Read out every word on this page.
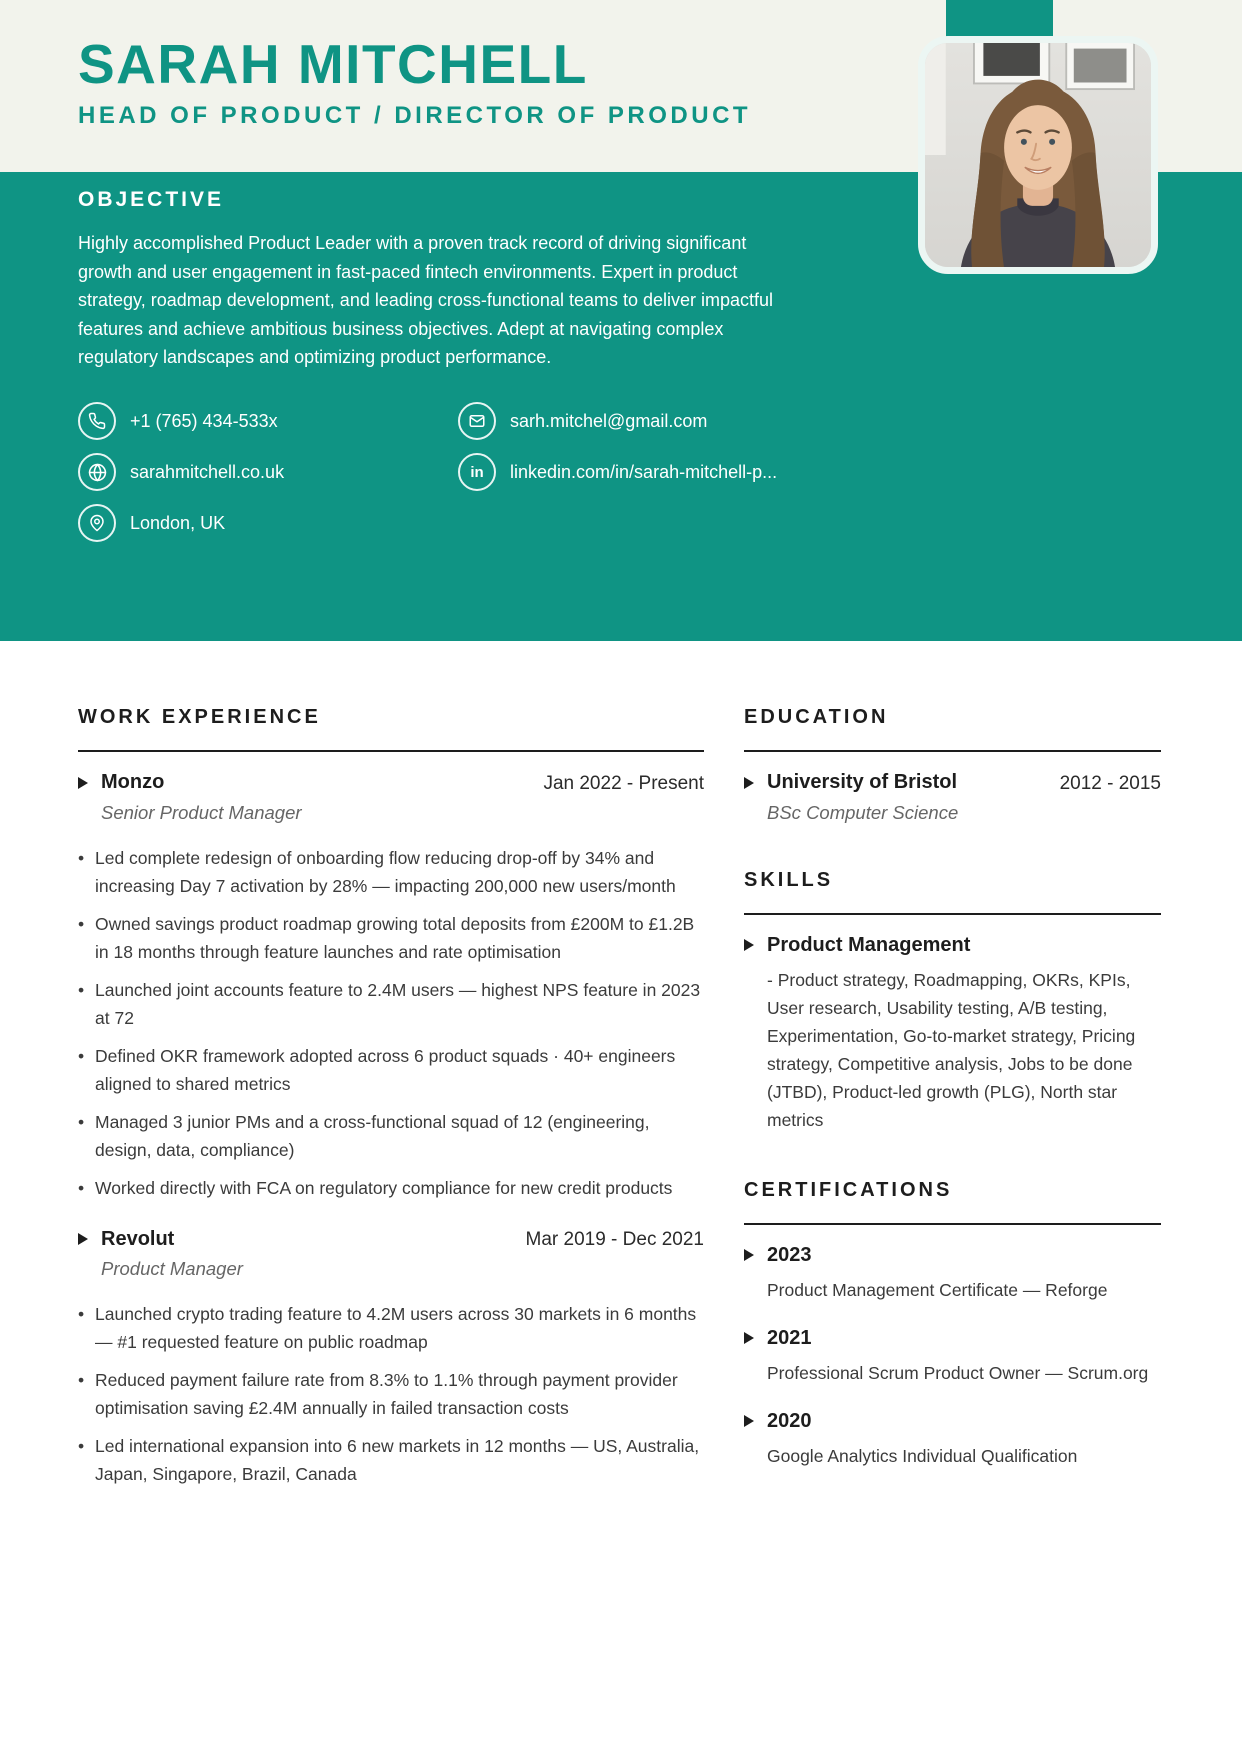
SARAH MITCHELL
HEAD OF PRODUCT / DIRECTOR OF PRODUCT
OBJECTIVE

Highly accomplished Product Leader with a proven track record of driving significant growth and user engagement in fast-paced fintech environments. Expert in product strategy, roadmap development, and leading cross-functional teams to deliver impactful features and achieve ambitious business objectives. Adept at navigating complex regulatory landscapes and optimizing product performance.

+1 (765) 434-533x	sarh.mitchel@gmail.com
sarahmitchell.co.uk	in linkedin.com/in/sarah-mitchell-p...
London, UK
WORK EXPERIENCE
Monzo	Jan 2022 - Present
Senior Product Manager
• Led complete redesign of onboarding flow reducing drop-off by 34% and increasing Day 7 activation by 28% — impacting 200,000 new users/month
• Owned savings product roadmap growing total deposits from £200M to £1.2B in 18 months through feature launches and rate optimisation
• Launched joint accounts feature to 2.4M users — highest NPS feature in 2023 at 72
• Defined OKR framework adopted across 6 product squads · 40+ engineers aligned to shared metrics
• Managed 3 junior PMs and a cross-functional squad of 12 (engineering, design, data, compliance)
• Worked directly with FCA on regulatory compliance for new credit products
Revolut	Mar 2019 - Dec 2021
Product Manager
• Launched crypto trading feature to 4.2M users across 30 markets in 6 months — #1 requested feature on public roadmap
• Reduced payment failure rate from 8.3% to 1.1% through payment provider optimisation saving £2.4M annually in failed transaction costs
• Led international expansion into 6 new markets in 12 months — US, Australia, Japan, Singapore, Brazil, Canada
EDUCATION
University of Bristol	2012 - 2015
BSc Computer Science
SKILLS
Product Management
- Product strategy, Roadmapping, OKRs, KPIs, User research, Usability testing, A/B testing, Experimentation, Go-to-market strategy, Pricing strategy, Competitive analysis, Jobs to be done (JTBD), Product-led growth (PLG), North star metrics
CERTIFICATIONS
2023
Product Management Certificate — Reforge
2021
Professional Scrum Product Owner — Scrum.org
2020
Google Analytics Individual Qualification
